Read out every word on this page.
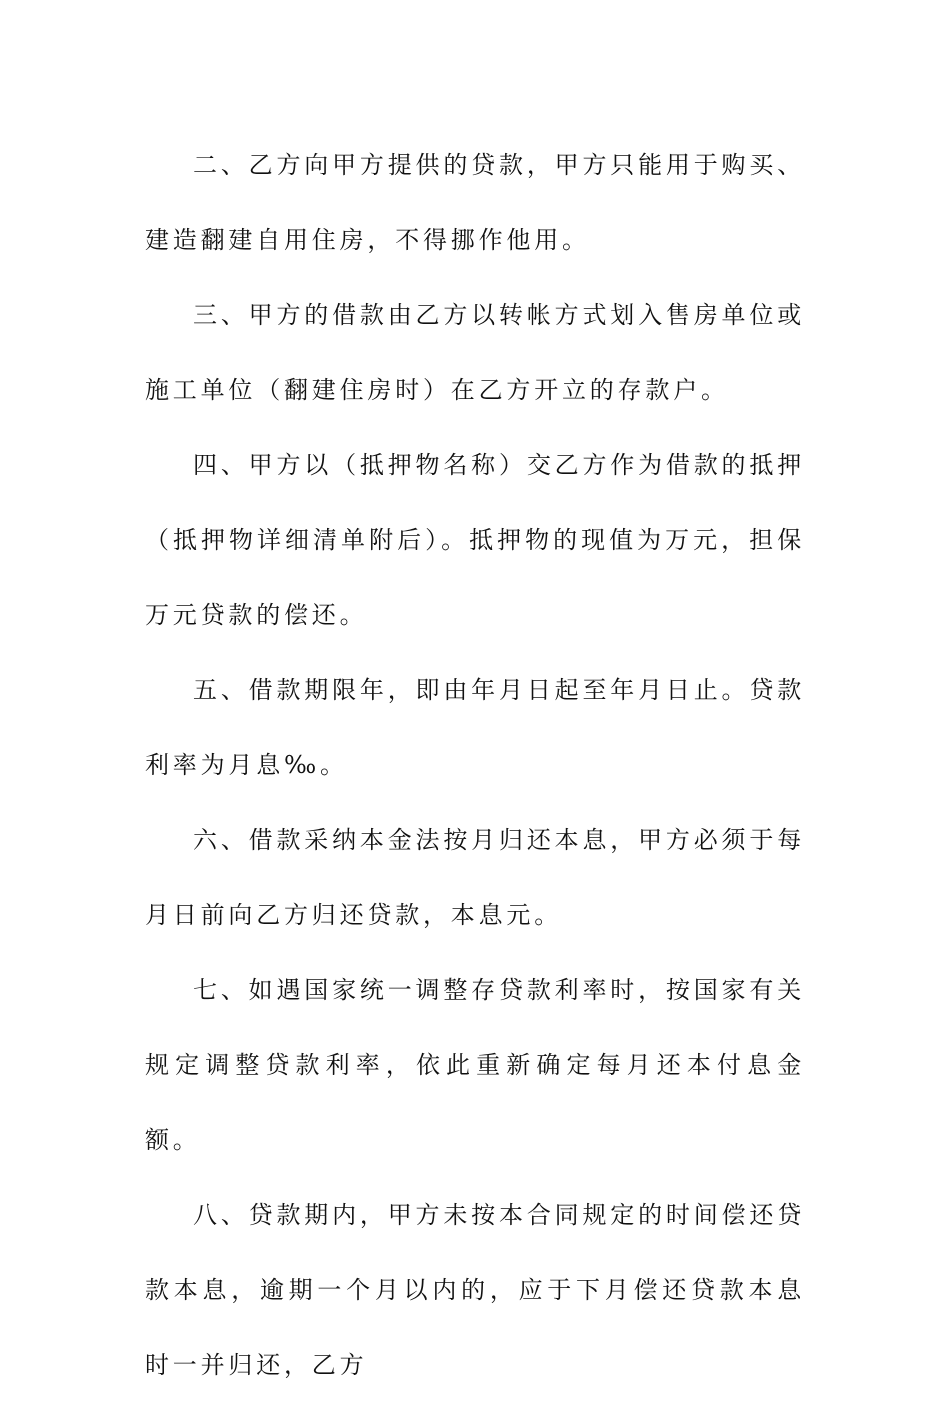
二、乙方向甲方提供的贷款，甲方只能用于购买、建造翻建自用住房，不得挪作他用。

三、甲方的借款由乙方以转帐方式划入售房单位或施工单位（翻建住房时）在乙方开立的存款户。

四、甲方以（抵押物名称）交乙方作为借款的抵押（抵押物详细清单附后）。抵押物的现值为万元，担保万元贷款的偿还。

五、借款期限年，即由年月日起至年月日止。贷款利率为月息‰。

六、借款采纳本金法按月归还本息，甲方必须于每月日前向乙方归还贷款，本息元。

七、如遇国家统一调整存贷款利率时，按国家有关规定调整贷款利率，依此重新确定每月还本付息金额。

八、贷款期内，甲方未按本合同规定的时间偿还贷款本息，逾期一个月以内的，应于下月偿还贷款本息时一并归还，乙方
